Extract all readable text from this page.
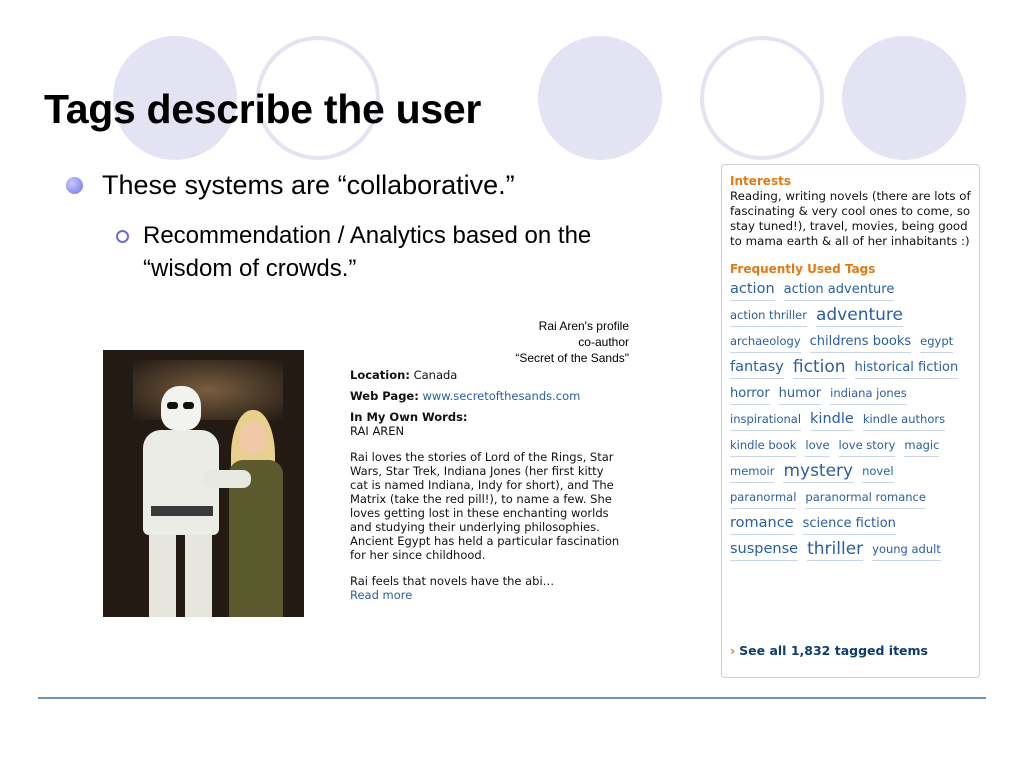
Tags describe the user
These systems are “collaborative.”
Recommendation / Analytics based on the “wisdom of crowds.”
Rai Aren's profile
co-author
“Secret of the Sands"
Location: Canada
Web Page: www.secretofthesands.com
In My Own Words:

RAI AREN

Rai loves the stories of Lord of the Rings, Star Wars, Star Trek, Indiana Jones (her first kitty cat is named Indiana, Indy for short), and The Matrix (take the red pill!), to name a few. She loves getting lost in these enchanting worlds and studying their underlying philosophies. Ancient Egypt has held a particular fascination for her since childhood.

Rai feels that novels have the abi…
Read more
Interests
Reading, writing novels (there are lots of fascinating & very cool ones to come, so stay tuned!), travel, movies, being good to mama earth & all of her inhabitants :)
Frequently Used Tags
action action adventure
action thriller adventure
archaeology childrens books egypt
fantasy fiction historical fiction
horror humor indiana jones
inspirational kindle kindle authors
kindle book love love story magic
memoir mystery novel
paranormal paranormal romance
romance science fiction
suspense thriller young adult
› See all 1,832 tagged items
